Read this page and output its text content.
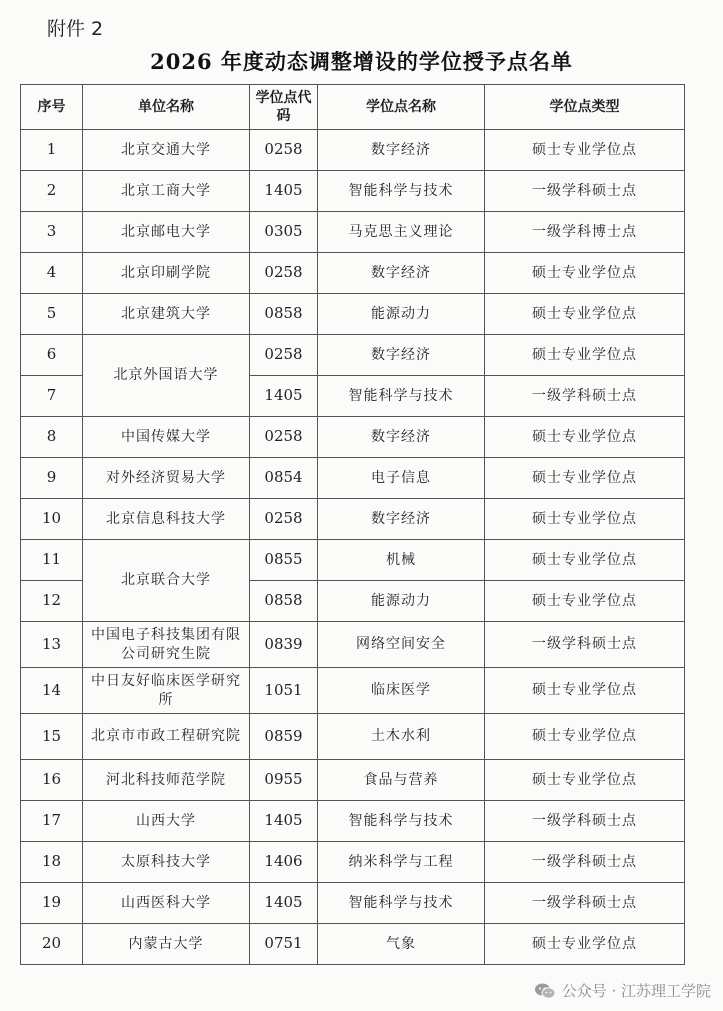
附件 2
2026 年度动态调整增设的学位授予点名单
序号	单位名称	学位点代码	学位点名称	学位点类型
1	北京交通大学	0258	数字经济	硕士专业学位点
2	北京工商大学	1405	智能科学与技术	一级学科硕士点
3	北京邮电大学	0305	马克思主义理论	一级学科博士点
4	北京印刷学院	0258	数字经济	硕士专业学位点
5	北京建筑大学	0858	能源动力	硕士专业学位点
6	北京外国语大学	0258	数字经济	硕士专业学位点
7		1405	智能科学与技术	一级学科硕士点
8	中国传媒大学	0258	数字经济	硕士专业学位点
9	对外经济贸易大学	0854	电子信息	硕士专业学位点
10	北京信息科技大学	0258	数字经济	硕士专业学位点
11	北京联合大学	0855	机械	硕士专业学位点
12		0858	能源动力	硕士专业学位点
13	中国电子科技集团有限公司研究生院	0839	网络空间安全	一级学科硕士点
14	中日友好临床医学研究所	1051	临床医学	硕士专业学位点
15	北京市市政工程研究院	0859	土木水利	硕士专业学位点
16	河北科技师范学院	0955	食品与营养	硕士专业学位点
17	山西大学	1405	智能科学与技术	一级学科硕士点
18	太原科技大学	1406	纳米科学与工程	一级学科硕士点
19	山西医科大学	1405	智能科学与技术	一级学科硕士点
20	内蒙古大学	0751	气象	硕士专业学位点
公众号 · 江苏理工学院
